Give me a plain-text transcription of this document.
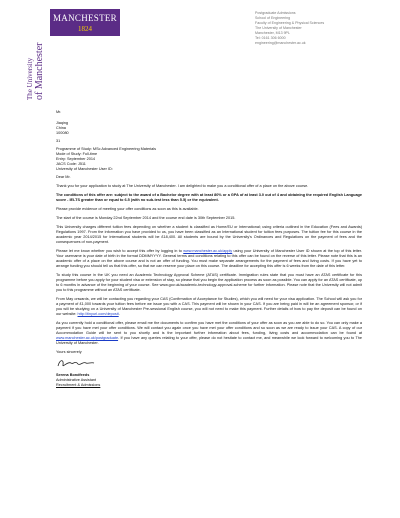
MANCHESTER
1824
The University of Manchester
Postgraduate Admissions
School of Engineering
Faculty of Engineering & Physical Sciences
The University of Manchester
Manchester, M13 9PL
Tel: 0161 306 6000
engineering@manchester.ac.uk
Mr.
Jiaqing
China
100080
31
Programme of Study: MSc Advanced Engineering Materials
Mode of Study: Full-time
Entry: September 2014
JACS Code: J511
University of Manchester User ID:

Dear Mr.

Thank you for your application to study at The University of Manchester. I am delighted to make you a conditional offer of a place on the above course.

The conditions of this offer are: subject to the award of a Bachelor degree with at least 80% or a GPA of at least 3.0 out of 4 and obtaining the required English Language score - IELTS greater than or equal to 6.5 (with no sub-test less than 5.5) or the equivalent.

Please provide evidence of meeting your offer conditions as soon as this is available.

The start of the course is Monday 22nd September 2014 and the course end date is 30th September 2015.

This University charges different tuition fees depending on whether a student is classified as Home/EU or International; using criteria outlined in the Education (Fees and Awards) Regulations 1997. From the information you have provided to us, you have been classified as an International student for tuition fees purposes. The tuition fee for this course in the academic year 2014/2015 for International students will be £18,400. All students are bound by the University's Ordinances and Regulations on the payment of fees and the consequences of non-payment.

Please let me know whether you wish to accept this offer by logging in to www.manchester.ac.uk/apply using your University of Manchester User ID shown at the top of this letter. Your username is your date of birth in the format DDMMYYYY. General terms and conditions relating to this offer can be found on the reverse of this letter. Please note that this is an academic offer of a place on the above course and is not an offer of funding. You must make separate arrangements for the payment of fees and living costs. If you have yet to arrange funding you should tell us that this offer, so that we can reserve your place on this course. The deadline for accepting this offer is 6 weeks from the date of this letter.

To study this course in the UK you need an Academic Technology Approval Scheme (ATAS) certificate. Immigration rules state that you must have an ATAS certificate for this programme before you apply for your student visa or extension of stay, so please that you begin the application process as soon as possible. You can apply for an ATAS certificate, up to 6 months in advance of the beginning of your course. See www.gov.uk/academic-technology-approval-scheme for further information. Please note that the University will not admit you to this programme without an ATAS certificate.

From May onwards, we will be contacting you regarding your CAS (Confirmation of Acceptance for Studies), which you will need for your visa application. The School will ask you for a payment of £1,000 towards your tuition fees before we issue you with a CAS. This payment will be shown in your CAS. If you are being paid in will be an agreement sponsor, or if you will be studying on a University of Manchester Pre-sessional English course, you will not need to make this payment. Further details of how to pay the deposit can be found on our website: http://tinyurl.com/deposit.

As you currently hold a conditional offer, please email me the documents to confirm you have met the conditions of your offer as soon as you are able to do so. You can only make a payment if you have met your offer conditions. We will contact you again once you have met your offer conditions and so soon as we are ready to issue your CAS. A copy of our Accommodation Guide will be sent to you shortly and is the important further information about fees, funding, living costs and accommodation can be found at www.manchester.ac.uk/postgraduate. If you have any queries relating to your offer, please do not hesitate to contact me, and meanwhile we look forward to welcoming you to The University of Manchester.

Yours sincerely
Serena Bondfeeds
Administrative Assistant
Recruitment & Admissions
